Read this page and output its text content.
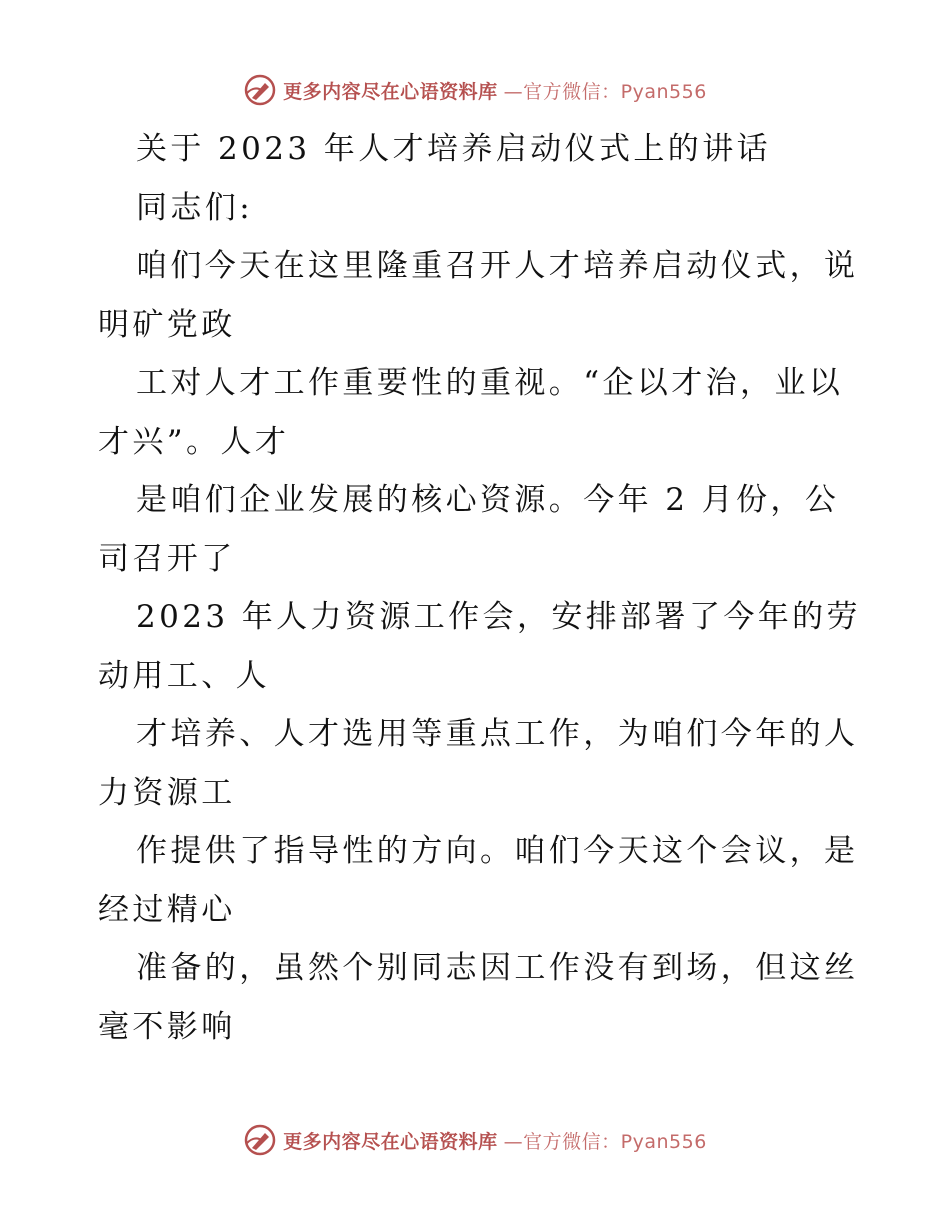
更多内容尽在心语资料库 —官方微信：Pyan556
关于 2023 年人才培养启动仪式上的讲话
同志们:
咱们今天在这里隆重召开人才培养启动仪式，说
明矿党政
工对人才工作重要性的重视。“企以才治，业以
才兴”。人才
是咱们企业发展的核心资源。今年 2 月份，公
司召开了
2023 年人力资源工作会，安排部署了今年的劳
动用工、人
才培养、人才选用等重点工作，为咱们今年的人
力资源工
作提供了指导性的方向。咱们今天这个会议，是
经过精心
准备的，虽然个别同志因工作没有到场，但这丝
毫不影响
更多内容尽在心语资料库 —官方微信：Pyan556
